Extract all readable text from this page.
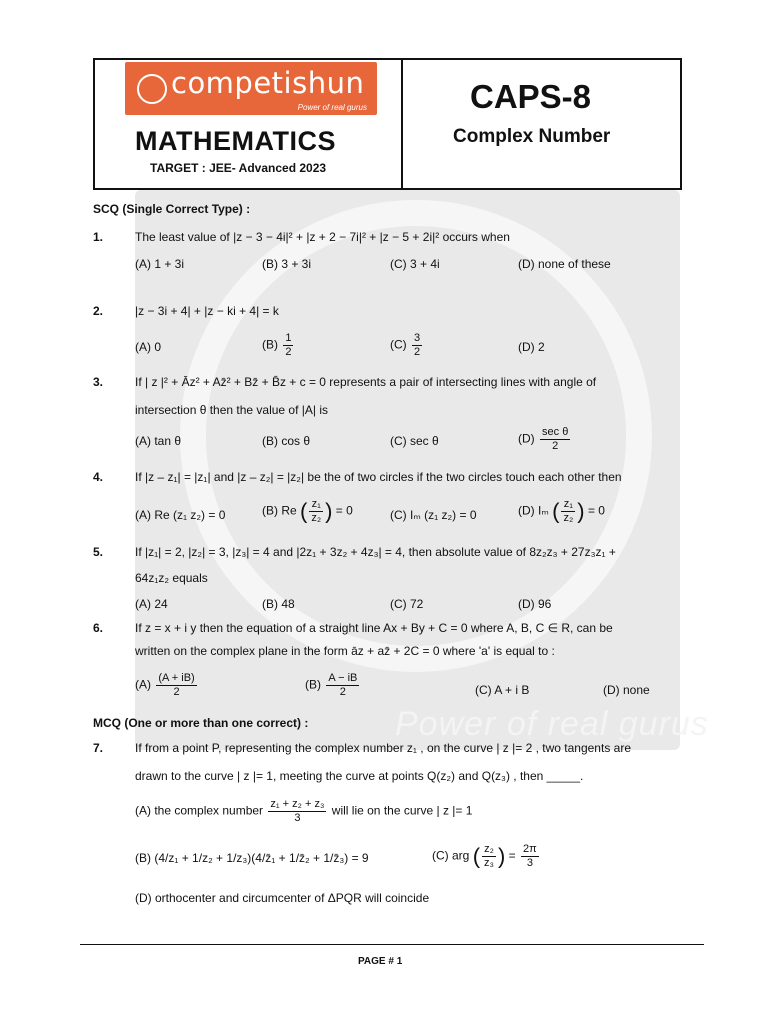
Power of real gurus
competishun
Power of real gurus
MATHEMATICS
TARGET : JEE- Advanced 2023
CAPS-8
Complex Number
SCQ (Single Correct Type) :
1.	The least value of |z − 3 − 4i|² + |z + 2 − 7i|² + |z − 5 + 2i|² occurs when
(A) 1 + 3i	(B) 3 + 3i	(C) 3 + 4i	(D) none of these
2.	|z − 3i + 4| + |z − ki + 4| = k
(A) 0	$(B) \frac{1}{2}$	$(C) \frac{3}{2}$	(D) 2
3.	If | z |² + Āz² + Az̄² + Bz̄ + B̄z + c = 0 represents a pair of intersecting lines with angle of
intersection θ then the value of |A| is
(A) tan θ	(B) cos θ	(C) sec θ	$(D) \frac{\text{sec θ}}{2}$
4.	If |z – z₁| = |z₁| and |z – z₂| = |z₂| be the of two circles if the two circles touch each other then
(A) Re (z₁ z₂) = 0	(B) Re ( $\frac{\text{z₁}}{\text{z₂}}$ ) = 0	(C) Iₘ (z₁ z₂) = 0	(D) Iₘ ( $\frac{\text{z₁}}{\text{z₂}}$ ) = 0
5.	If |z₁| = 2, |z₂| = 3, |z₃| = 4 and |2z₁ + 3z₂ + 4z₃| = 4, then absolute value of 8z₂z₃ + 27z₃z₁ +
64z₁z₂ equals
(A) 24	(B) 48	(C) 72	(D) 96
6.	If z = x + i y then the equation of a straight line Ax + By + C = 0 where A, B, C ∈ R, can be
written on the complex plane in the form āz + az̄ + 2C = 0 where 'a' is equal to :
$(A) \frac{(A + iB)}{2}$	$(B) \frac{A - iB}{2}$	(C) A + i B	(D) none
MCQ (One or more than one correct) :
7.	If from a point P, representing the complex number z₁ , on the curve | z |= 2 , two tangents are
drawn to the curve | z |= 1, meeting the curve at points Q(z₂) and Q(z₃) , then _____.
(A) the complex number $\frac{\text{z₁ + z₂ + z₃}}{3}$ will lie on the curve | z |= 1
(B) (4/z₁ + 1/z₂ + 1/z₃)(4/z̄₁ + 1/z̄₂ + 1/z̄₃) = 9	(C) arg ( $\frac{\text{z₂}}{\text{z₃}}$ ) = $\frac{2\pi}{3}$
(D) orthocenter and circumcenter of ΔPQR will coincide
PAGE # 1
